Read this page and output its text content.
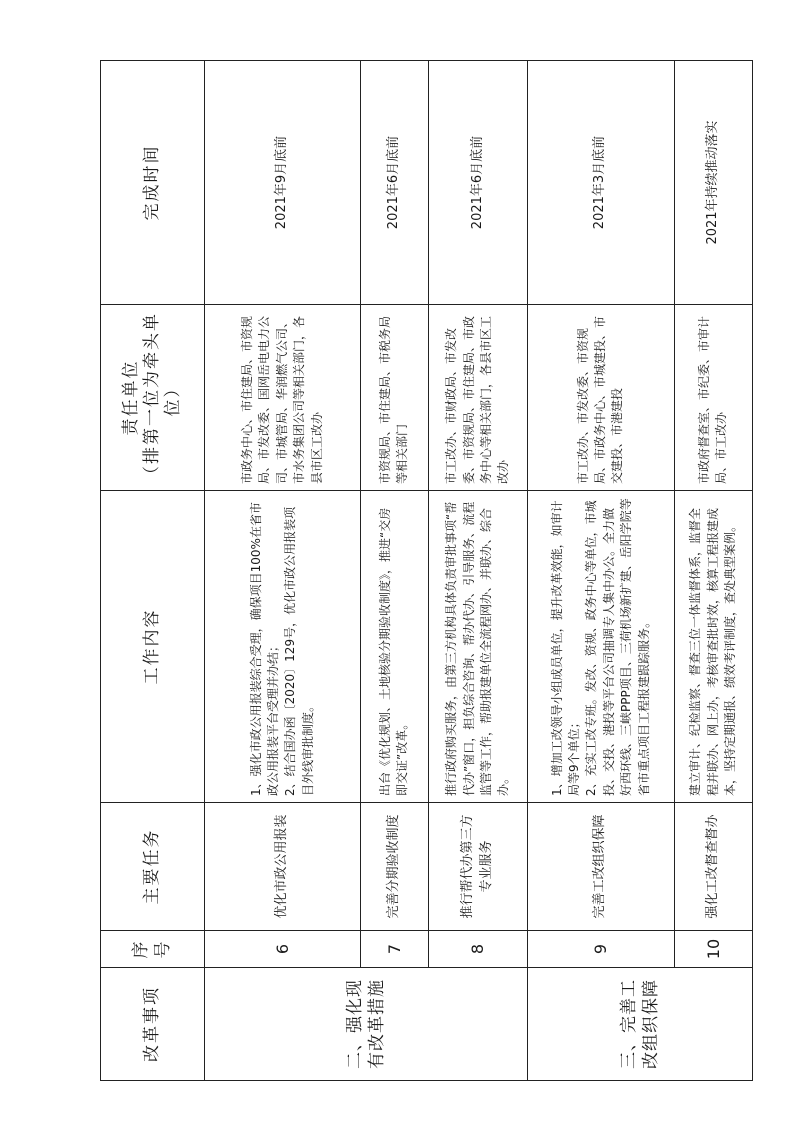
改革事项	序号	主要任务	工作内容	责任单位 （排第一位为牵头单位）	完成时间
二、强化现有改革措施	6	优化市政公用报装	1、强化市政公用报装综合受理，确保项目100%在省市政公用报装平台受理并办结； 2、结合国办函〔2020〕129号，优化市政公用报装项目外线审批制度。	市政务中心、市住建局、市资规局、市发改委、国网岳电电力公司、市城管局、华润燃气公司、市水务集团公司等相关部门，各县市区工改办	2021年9月底前
	7	完善分期验收制度	出台《优化规划、土地核验分期验收制度》，推进“交房即交证”改革。	市资规局、市住建局、市税务局等相关部门	2021年6月底前
	8	推行帮代办第三方专业服务	推行政府购买服务，由第三方机构具体负责审批事项“帮代办”窗口，担负综合咨询、帮办代办、引导服务、流程监管等工作，帮助报建单位全流程网办、并联办、综合办。	市工改办、市财政局、市发改委、市资规局、市住建局、市政务中心等相关部门，各县市区工改办	2021年6月底前
三、完善工改组织保障	9	完善工改组织保障	1、增加工改领导小组成员单位，提升改革效能，如审计局等9个单位； 2、充实工改专班。发改、资规、政务中心等单位，市城投、交投、港投等平台公司抽调专人集中办公。全力做好西环线、三峡PPP项目、三荷机场新扩建、岳阳学院等省市重点项目工程报建跟踪服务。	市工改办、市发改委、市资规局、市政务中心、市城建投、市交建投、市港建投	2021年3月底前
	10	强化工改督查督办	建立审计、纪检监察、督查三位一体监督体系，监督全程并联办、网上办，考核审查批时效，核算工程报建成本，坚持定期通报、绩效考评制度，查处典型案例。	市政府督查室、市纪委、市审计局、市工改办	2021年持续推动落实
